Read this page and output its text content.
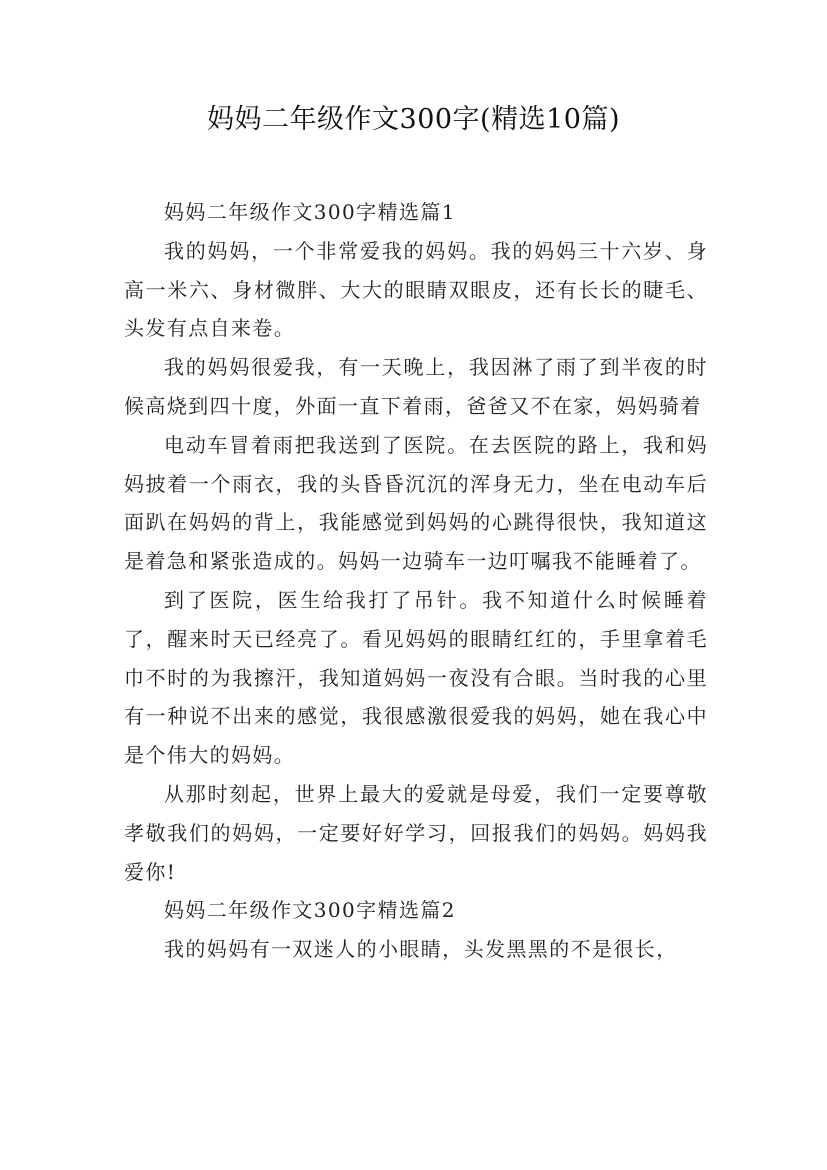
妈妈二年级作文300字(精选10篇)

妈妈二年级作文300字精选篇1

我的妈妈，一个非常爱我的妈妈。我的妈妈三十六岁、身高一米六、身材微胖、大大的眼睛双眼皮，还有长长的睫毛、头发有点自来卷。

我的妈妈很爱我，有一天晚上，我因淋了雨了到半夜的时候高烧到四十度，外面一直下着雨，爸爸又不在家，妈妈骑着

电动车冒着雨把我送到了医院。在去医院的路上，我和妈妈披着一个雨衣，我的头昏昏沉沉的浑身无力，坐在电动车后面趴在妈妈的背上，我能感觉到妈妈的心跳得很快，我知道这是着急和紧张造成的。妈妈一边骑车一边叮嘱我不能睡着了。

到了医院，医生给我打了吊针。我不知道什么时候睡着了，醒来时天已经亮了。看见妈妈的眼睛红红的，手里拿着毛巾不时的为我擦汗，我知道妈妈一夜没有合眼。当时我的心里有一种说不出来的感觉，我很感激很爱我的妈妈，她在我心中是个伟大的妈妈。

从那时刻起，世界上最大的爱就是母爱，我们一定要尊敬孝敬我们的妈妈，一定要好好学习，回报我们的妈妈。妈妈我爱你!

妈妈二年级作文300字精选篇2

我的妈妈有一双迷人的小眼睛，头发黑黑的不是很长，
